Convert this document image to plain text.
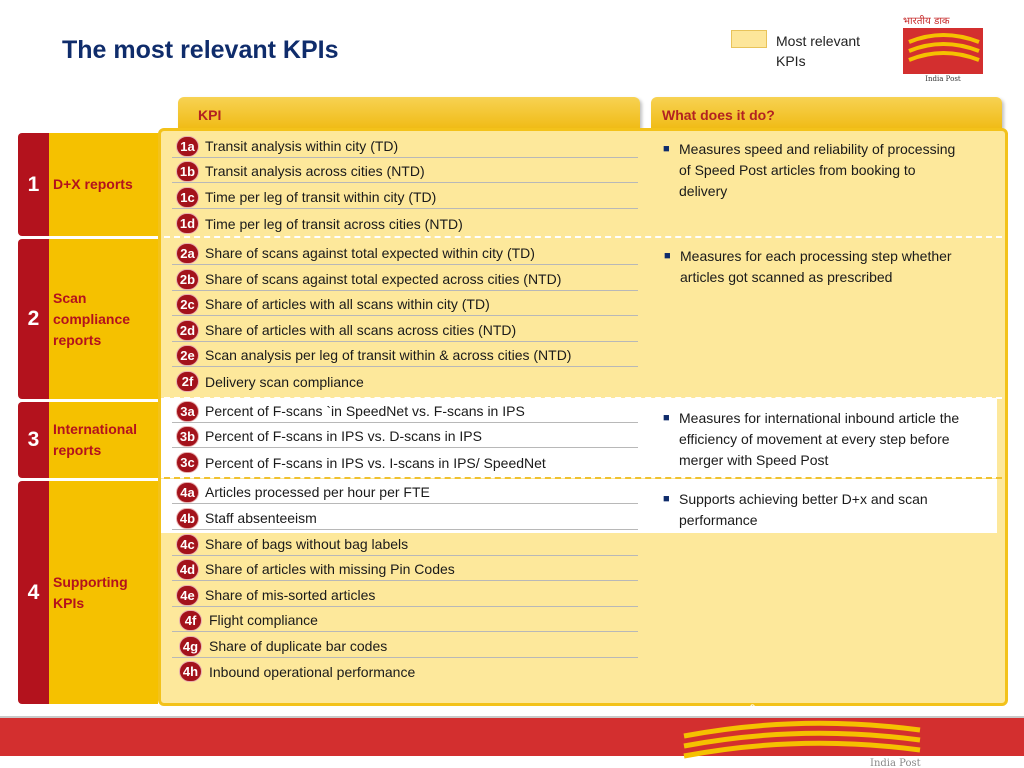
The most relevant KPIs	Most relevant KPIs
भारतीय डाक
India Post
KPI	What does it do?
1 D+X reports
2
Scan compliance reports
3 International reports
4 Supporting KPIs
1a Transit analysis within city (TD)
1b Transit analysis across cities (NTD)
1c Time per leg of transit within city (TD)
1d Time per leg of transit across cities (NTD)
2a Share of scans against total expected within city (TD)
2b Share of scans against total expected across cities (NTD)
2c Share of articles with all scans within city (TD)
2d Share of articles with all scans across cities (NTD)
2e Scan analysis per leg of transit within & across cities (NTD)
2f Delivery scan compliance
3a Percent of F-scans `in SpeedNet vs. F-scans in IPS
3b Percent of F-scans in IPS vs. D-scans in IPS
3c Percent of F-scans in IPS vs. I-scans in IPS/ SpeedNet
4a Articles processed per hour per FTE
4b Staff absenteeism
4c Share of bags without bag labels
4d Share of articles with missing Pin Codes
4e Share of mis-sorted articles
4f Flight compliance
4g Share of duplicate bar codes
4h Inbound operational performance
■ Measures speed and reliability of processing of Speed Post articles from booking to delivery
■ Measures for each processing step whether articles got scanned as prescribed
■ Measures for international inbound article the efficiency of movement at every step before merger with Speed Post
■ Supports achieving better D+x and scan performance
भारतीय डाक
India Post
